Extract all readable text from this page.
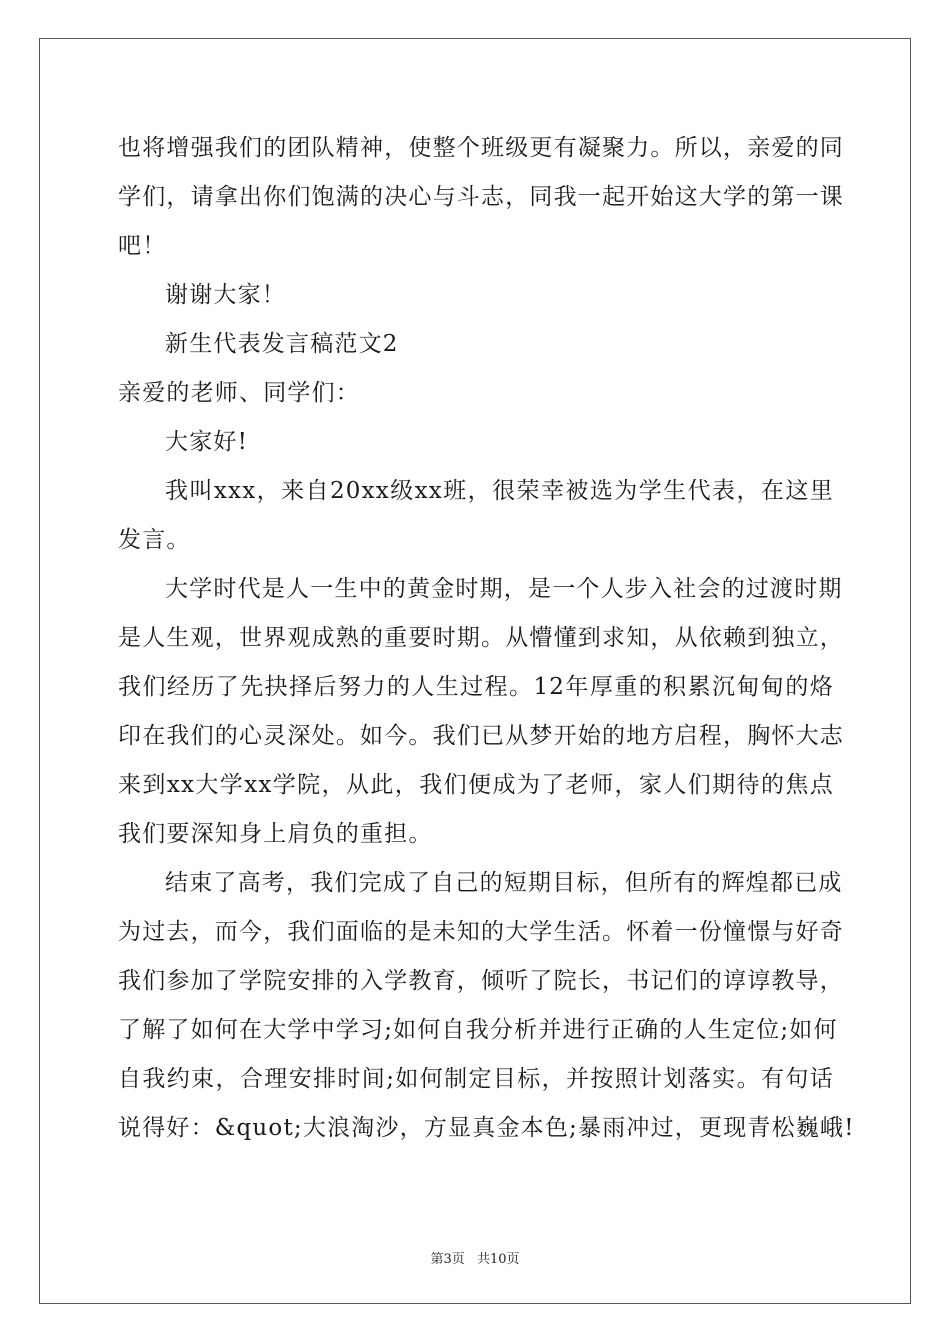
也将增强我们的团队精神，使整个班级更有凝聚力。所以，亲爱的同
学们，请拿出你们饱满的决心与斗志，同我一起开始这大学的第一课
吧！
谢谢大家！
新生代表发言稿范文2
亲爱的老师、同学们：
大家好!
我叫xxx，来自20xx级xx班，很荣幸被选为学生代表，在这里
发言。
大学时代是人一生中的黄金时期，是一个人步入社会的过渡时期
是人生观，世界观成熟的重要时期。从懵懂到求知，从依赖到独立，
我们经历了先抉择后努力的人生过程。12年厚重的积累沉甸甸的烙
印在我们的心灵深处。如今。我们已从梦开始的地方启程，胸怀大志
来到xx大学xx学院，从此，我们便成为了老师，家人们期待的焦点
我们要深知身上肩负的重担。
结束了高考，我们完成了自己的短期目标，但所有的辉煌都已成
为过去，而今，我们面临的是未知的大学生活。怀着一份憧憬与好奇
我们参加了学院安排的入学教育，倾听了院长，书记们的谆谆教导，
了解了如何在大学中学习;如何自我分析并进行正确的人生定位;如何
自我约束，合理安排时间;如何制定目标，并按照计划落实。有句话
说得好：&quot;大浪淘沙，方显真金本色;暴雨冲过，更现青松巍峨!
第3页 共10页
